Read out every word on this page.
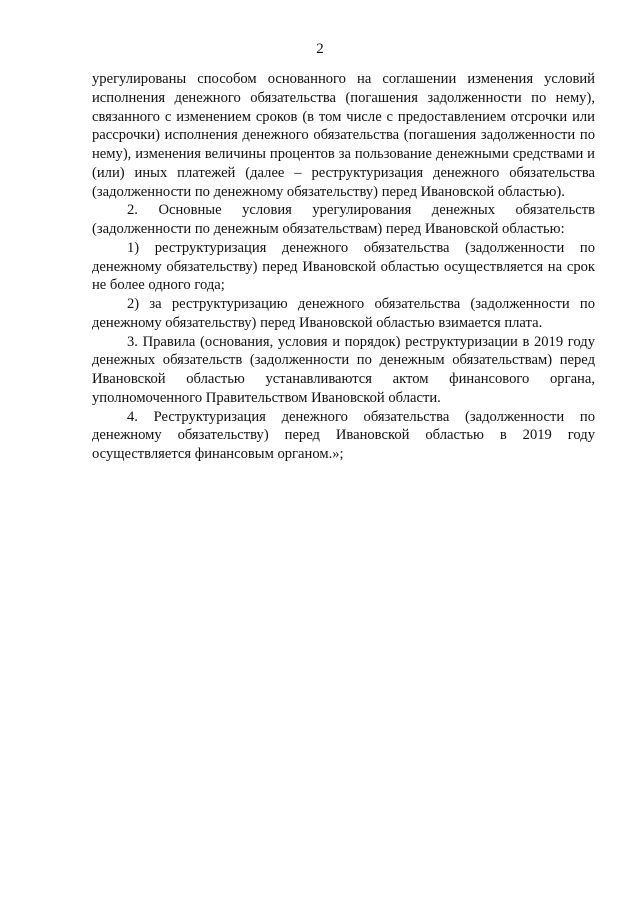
2

урегулированы способом основанного на соглашении изменения условий исполнения денежного обязательства (погашения задолженности по нему), связанного с изменением сроков (в том числе с предоставлением отсрочки или рассрочки) исполнения денежного обязательства (погашения задолженности по нему), изменения величины процентов за пользование денежными средствами и (или) иных платежей (далее – реструктуризация денежного обязательства (задолженности по денежному обязательству) перед Ивановской областью).

2. Основные условия урегулирования денежных обязательств (задолженности по денежным обязательствам) перед Ивановской областью:

1) реструктуризация денежного обязательства (задолженности по денежному обязательству) перед Ивановской областью осуществляется на срок не более одного года;

2) за реструктуризацию денежного обязательства (задолженности по денежному обязательству) перед Ивановской областью взимается плата.

3. Правила (основания, условия и порядок) реструктуризации в 2019 году денежных обязательств (задолженности по денежным обязательствам) перед Ивановской областью устанавливаются актом финансового органа, уполномоченного Правительством Ивановской области.

4. Реструктуризация денежного обязательства (задолженности по денежному обязательству) перед Ивановской областью в 2019 году осуществляется финансовым органом.»;
